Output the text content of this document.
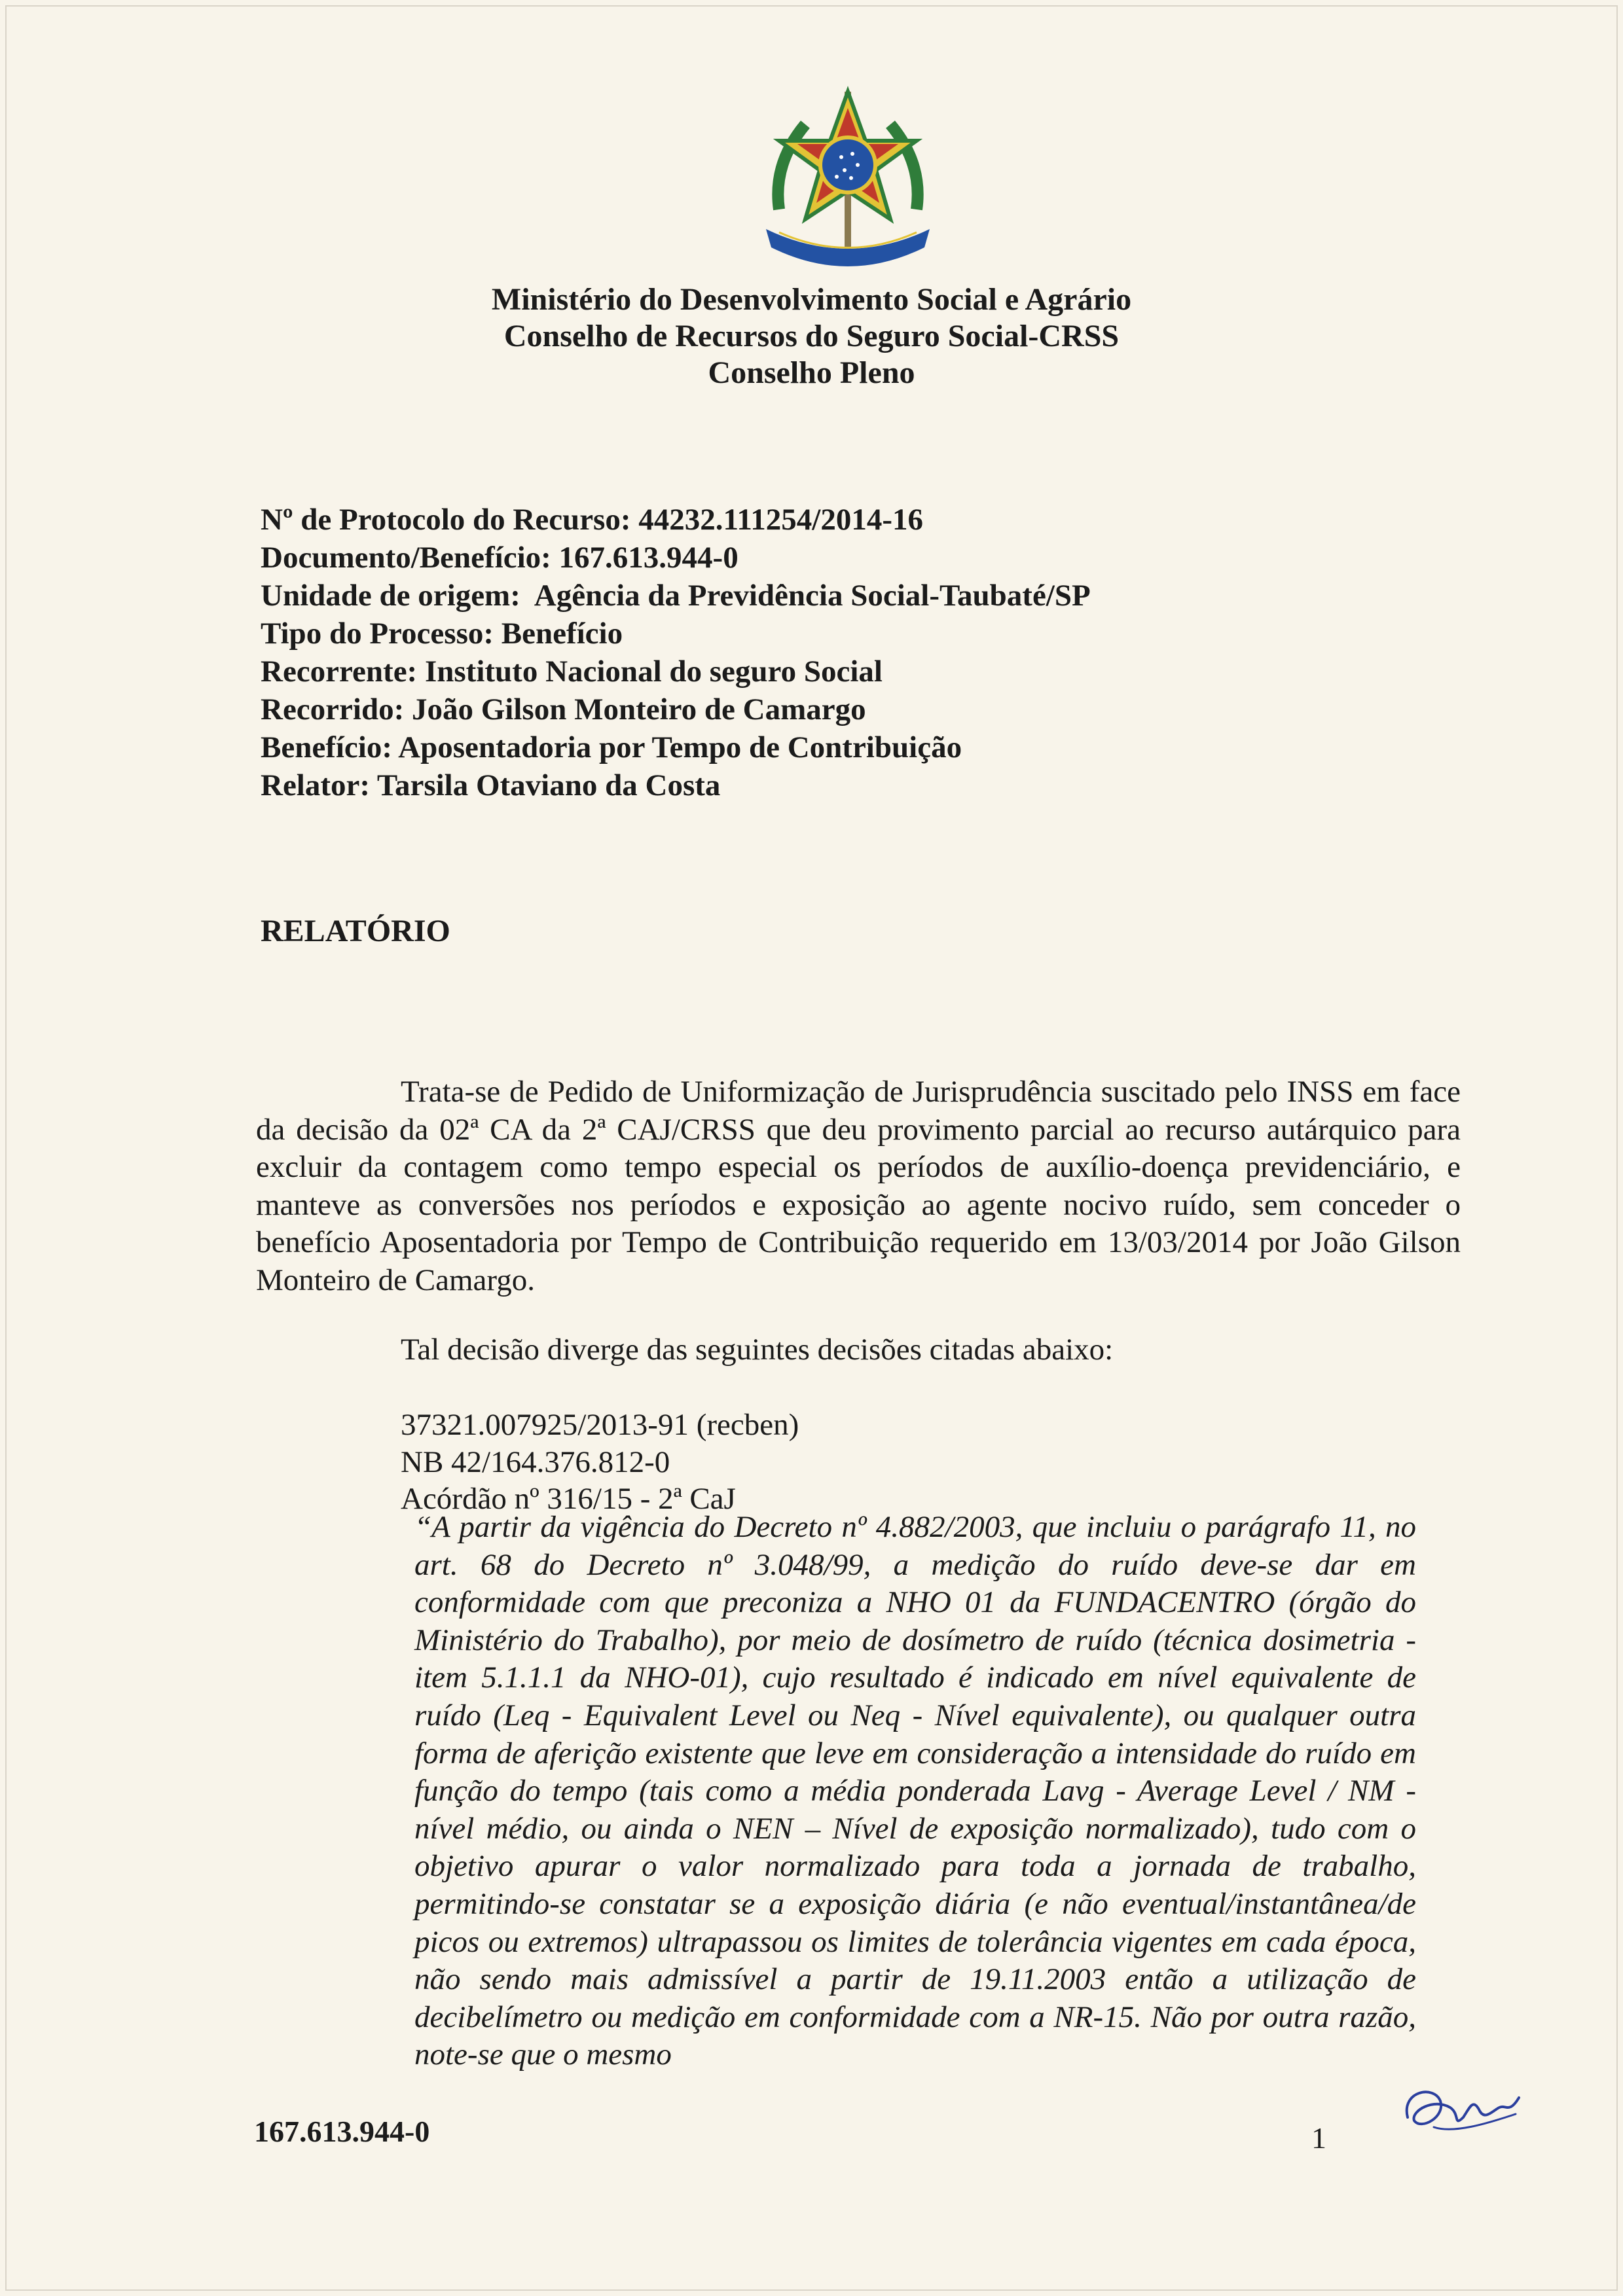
Ministério do Desenvolvimento Social e Agrário
Conselho de Recursos do Seguro Social-CRSS
Conselho Pleno
Nº de Protocolo do Recurso: 44232.111254/2014-16
Documento/Benefício: 167.613.944-0
Unidade de origem:  Agência da Previdência Social-Taubaté/SP
Tipo do Processo: Benefício
Recorrente: Instituto Nacional do seguro Social
Recorrido: João Gilson Monteiro de Camargo
Benefício: Aposentadoria por Tempo de Contribuição
Relator: Tarsila Otaviano da Costa
RELATÓRIO
Trata-se de Pedido de Uniformização de Jurisprudência suscitado pelo INSS em face da decisão da 02ª CA da 2ª CAJ/CRSS que deu provimento parcial ao recurso autárquico para excluir da contagem como tempo especial os períodos de auxílio-doença previdenciário, e manteve as conversões nos períodos e exposição ao agente nocivo ruído, sem conceder o benefício Aposentadoria por Tempo de Contribuição requerido em 13/03/2014 por João Gilson Monteiro de Camargo.
Tal decisão diverge das seguintes decisões citadas abaixo:
37321.007925/2013-91 (recben)
NB 42/164.376.812-0
Acórdão nº 316/15 - 2ª CaJ
“A partir da vigência do Decreto nº 4.882/2003, que incluiu o parágrafo 11, no art. 68 do Decreto nº 3.048/99, a medição do ruído deve-se dar em conformidade com que preconiza a NHO 01 da FUNDACENTRO (órgão do Ministério do Trabalho), por meio de dosímetro de ruído (técnica dosimetria - item 5.1.1.1 da NHO-01), cujo resultado é indicado em nível equivalente de ruído (Leq - Equivalent Level ou Neq - Nível equivalente), ou qualquer outra forma de aferição existente que leve em consideração a intensidade do ruído em função do tempo (tais como a média ponderada Lavg - Average Level / NM - nível médio, ou ainda o NEN – Nível de exposição normalizado), tudo com o objetivo apurar o valor normalizado para toda a jornada de trabalho, permitindo-se constatar se a exposição diária (e não eventual/instantânea/de picos ou extremos) ultrapassou os limites de tolerância vigentes em cada época, não sendo mais admissível a partir de 19.11.2003 então a utilização de decibelímetro ou medição em conformidade com a NR-15. Não por outra razão, note-se que o mesmo
167.613.944-0	1
